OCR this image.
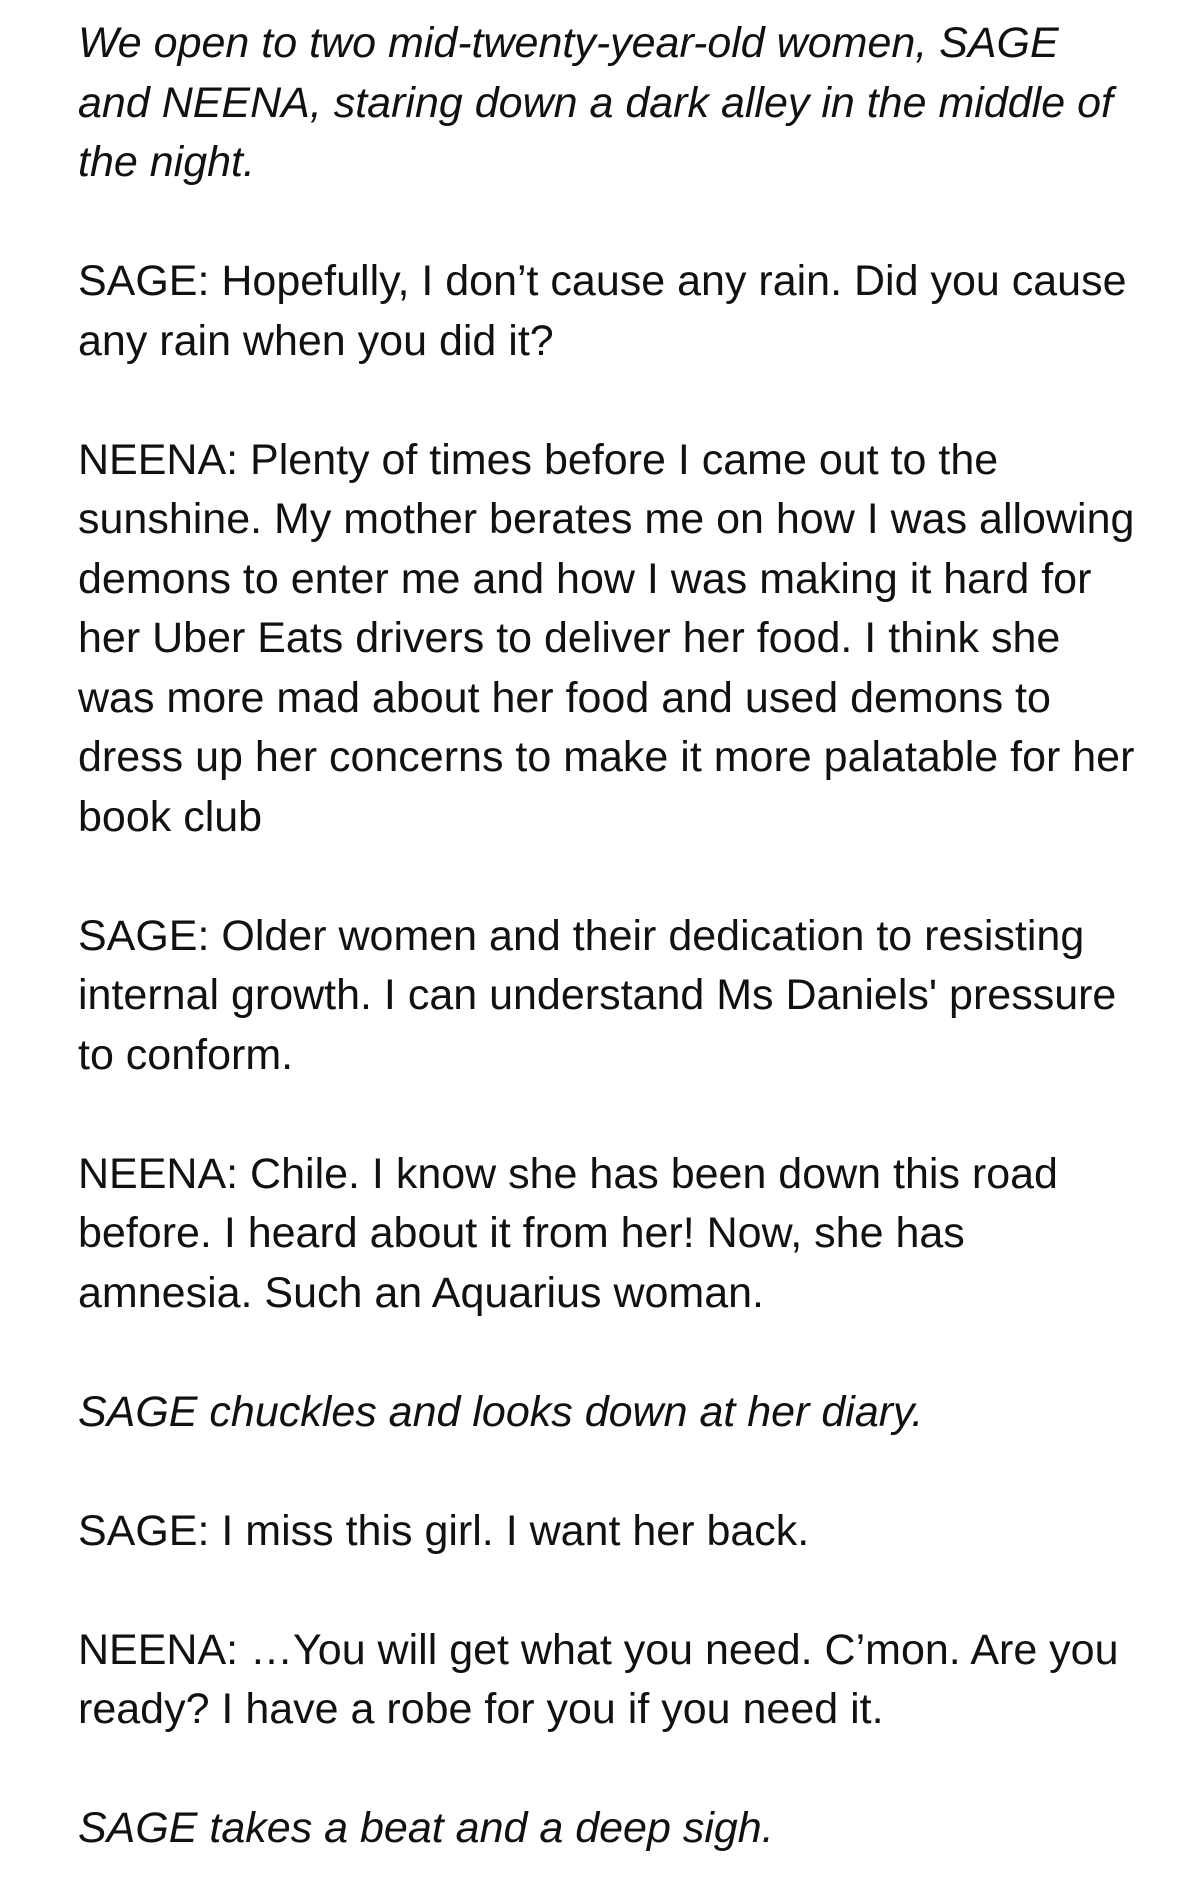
We open to two mid-twenty-year-old women, SAGE and NEENA, staring down a dark alley in the middle of the night.

SAGE: Hopefully, I don’t cause any rain. Did you cause any rain when you did it?

NEENA: Plenty of times before I came out to the sunshine. My mother berates me on how I was allowing demons to enter me and how I was making it hard for her Uber Eats drivers to deliver her food. I think she was more mad about her food and used demons to dress up her concerns to make it more palatable for her book club

SAGE: Older women and their dedication to resisting internal growth. I can understand Ms Daniels' pressure to conform.

NEENA: Chile. I know she has been down this road before. I heard about it from her! Now, she has amnesia. Such an Aquarius woman.

SAGE chuckles and looks down at her diary.

SAGE: I miss this girl. I want her back.

NEENA: …You will get what you need. C’mon. Are you ready? I have a robe for you if you need it.

SAGE takes a beat and a deep sigh.
